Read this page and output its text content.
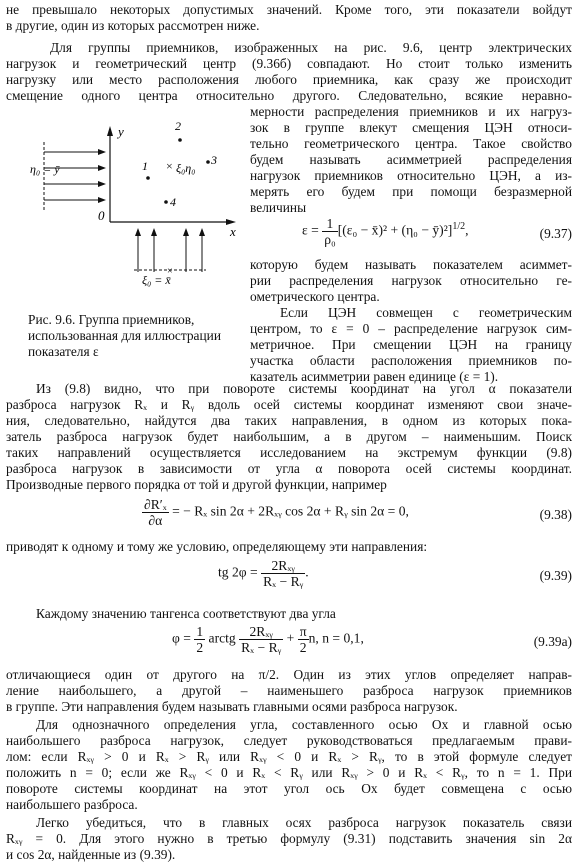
не превышало некоторых допустимых значений. Кроме того, эти показатели войдут
в другие, один из которых рассмотрен ниже.
Для группы приемников, изображенных на рис. 9.6, центр электрических
нагрузок и геометрический центр (9.36б) совпадают. Но стоит только изменить
нагрузку или место расположения любого приемника, как сразу же происходит
смещение одного центра относительно другого. Следовательно, всякие неравно-
мерности распределения приемников и их нагруз-
зок в группе влекут смещения ЦЭН относи-
тельно геометрического центра. Такое свойство
будем называть асимметрией распределения
нагрузок приемников относительно ЦЭН, а из-
мерять его будем при помощи безразмерной
величины
$\varepsilon = \frac{1}{\text{ρ₀}} [(\varepsilon_0$ − x̄)² + (η₀ − ȳ)²]$^{1/2}$,	(9.37)
которую будем называть показателем асиммет-
рии распределения нагрузок относительно ге-
ометрического центра.
Если ЦЭН совмещен с геометрическим
центром, то ε = 0 – распределение нагрузок сим-
метричное. При смещении ЦЭН на границу
участка области расположения приемников по-
казатель асимметрии равен единице (ε = 1).
y
x
0
η₀ = ȳ
ξ₀ = x̄
1
2
3
4
× ξ₀η₀
×
Рис. 9.6. Группа приемников, использованная для иллюстрации показателя ε
Из (9.8) видно, что при повороте системы координат на угол α показатели
разброса нагрузок Rₓ и Rᵧ вдоль осей системы координат изменяют свои значе-
ния, следовательно, найдутся два таких направления, в одном из которых пока-
затель разброса нагрузок будет наибольшим, а в другом – наименьшим. Поиск
таких направлений осуществляется исследованием на экстремум функции (9.8)
разброса нагрузок в зависимости от угла α поворота осей системы координат.
Производные первого порядка от той и другой функции, например
$\frac{\text{∂R′ₓ}}{\partial\alpha}$ = − Rₓ sin 2α + 2Rₓᵧ cos 2α + Rᵧ sin 2α = 0,	(9.38)
приводят к одному и тому же условию, определяющему эти направления:
tg $2\varphi = \frac{\text{2Rₓᵧ}}{\text{Rₓ − Rᵧ}}$ .	(9.39)
Каждому значению тангенса соответствуют два угла
$\varphi = \frac{1}{2}$ arctg $\frac{\text{2Rₓᵧ}}{\text{Rₓ − Rᵧ}} + \frac{\pi}{2} n$, n = 0,1,	(9.39а)
отличающиеся один от другого на π/2. Один из этих углов определяет направ-
ление наибольшего, а другой – наименьшего разброса нагрузок приемников
в группе. Эти направления будем называть главными осями разброса нагрузок.
Для однозначного определения угла, составленного осью Ox и главной осью
наибольшего разброса нагрузок, следует руководствоваться предлагаемым прави-
лом: если Rₓᵧ > 0 и Rₓ > Rᵧ или Rₓᵧ < 0 и Rₓ > Rᵧ, то в этой формуле следует
положить n = 0; если же Rₓᵧ < 0 и Rₓ < Rᵧ или Rₓᵧ > 0 и Rₓ < Rᵧ, то n = 1. При
повороте системы координат на этот угол ось Ox будет совмещена с осью
наибольшего разброса.
Легко убедиться, что в главных осях разброса нагрузок показатель связи
Rₓᵧ = 0. Для этого нужно в третью формулу (9.31) подставить значения sin 2α
и cos 2α, найденные из (9.39).
